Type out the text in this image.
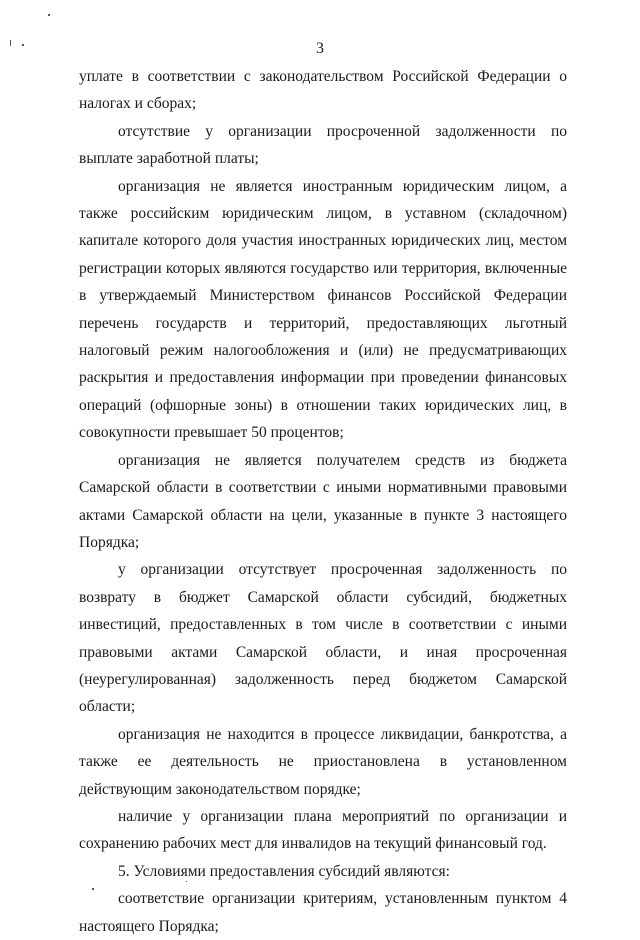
3

уплате в соответствии с законодательством Российской Федерации о налогах и сборах;

отсутствие у организации просроченной задолженности по выплате заработной платы;

организация не является иностранным юридическим лицом, а также российским юридическим лицом, в уставном (складочном) капитале которого доля участия иностранных юридических лиц, местом регистрации которых являются государство или территория, включенные в утверждаемый Министерством финансов Российской Федерации перечень государств и территорий, предоставляющих льготный налоговый режим налогообложения и (или) не предусматривающих раскрытия и предоставления информации при проведении финансовых операций (офшорные зоны) в отношении таких юридических лиц, в совокупности превышает 50 процентов;

организация не является получателем средств из бюджета Самарской области в соответствии с иными нормативными правовыми актами Самарской области на цели, указанные в пункте 3 настоящего Порядка;

у организации отсутствует просроченная задолженность по возврату в бюджет Самарской области субсидий, бюджетных инвестиций, предоставленных в том числе в соответствии с иными правовыми актами Самарской области, и иная просроченная (неурегулированная) задолженность перед бюджетом Самарской области;

организация не находится в процессе ликвидации, банкротства, а также ее деятельность не приостановлена в установленном действующим законодательством порядке;

наличие у организации плана мероприятий по организации и сохранению рабочих мест для инвалидов на текущий финансовый год.

5. Условиями предоставления субсидий являются:

соответствие организации критериям, установленным пунктом 4 настоящего Порядка;
